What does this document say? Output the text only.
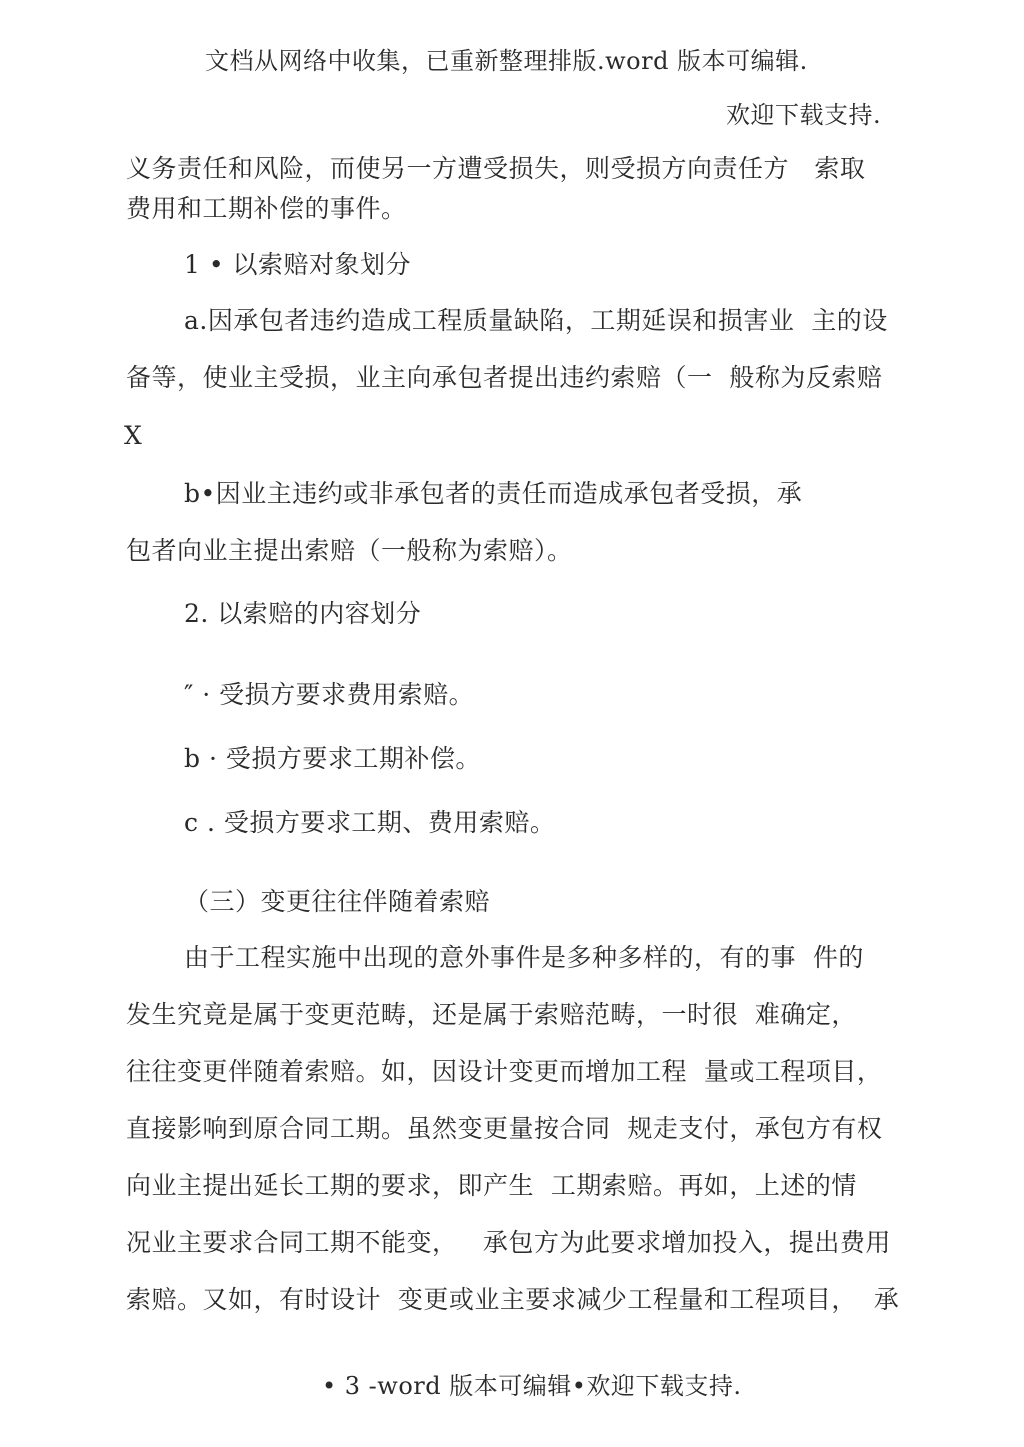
文档从网络中收集，已重新整理排版.word 版本可编辑.
欢迎下载支持.
义务责任和风险，而使另一方遭受损失，则受损方向责任方   索取
费用和工期补偿的事件。
1 • 以索赔对象划分
a.因承包者违约造成工程质量缺陷，工期延误和损害业  主的设
备等，使业主受损，业主向承包者提出违约索赔（一  般称为反索赔
X
b•因业主违约或非承包者的责任而造成承包者受损，承
包者向业主提出索赔（一般称为索赔）。
2. 以索赔的内容划分
″ · 受损方要求费用索赔。
b · 受损方要求工期补偿。
c . 受损方要求工期、费用索赔。
（三）变更往往伴随着索赔
由于工程实施中出现的意外事件是多种多样的，有的事  件的
发生究竟是属于变更范畴，还是属于索赔范畴，一时很  难确定，
往往变更伴随着索赔。如，因设计变更而增加工程  量或工程项目，
直接影响到原合同工期。虽然变更量按合同  规走支付，承包方有权
向业主提出延长工期的要求，即产生  工期索赔。再如，上述的情
况业主要求合同工期不能变，   承包方为此要求增加投入，提出费用
索赔。又如，有时设计  变更或业主要求减少工程量和工程项目，  承
• 3 -word 版本可编辑•欢迎下载支持.
